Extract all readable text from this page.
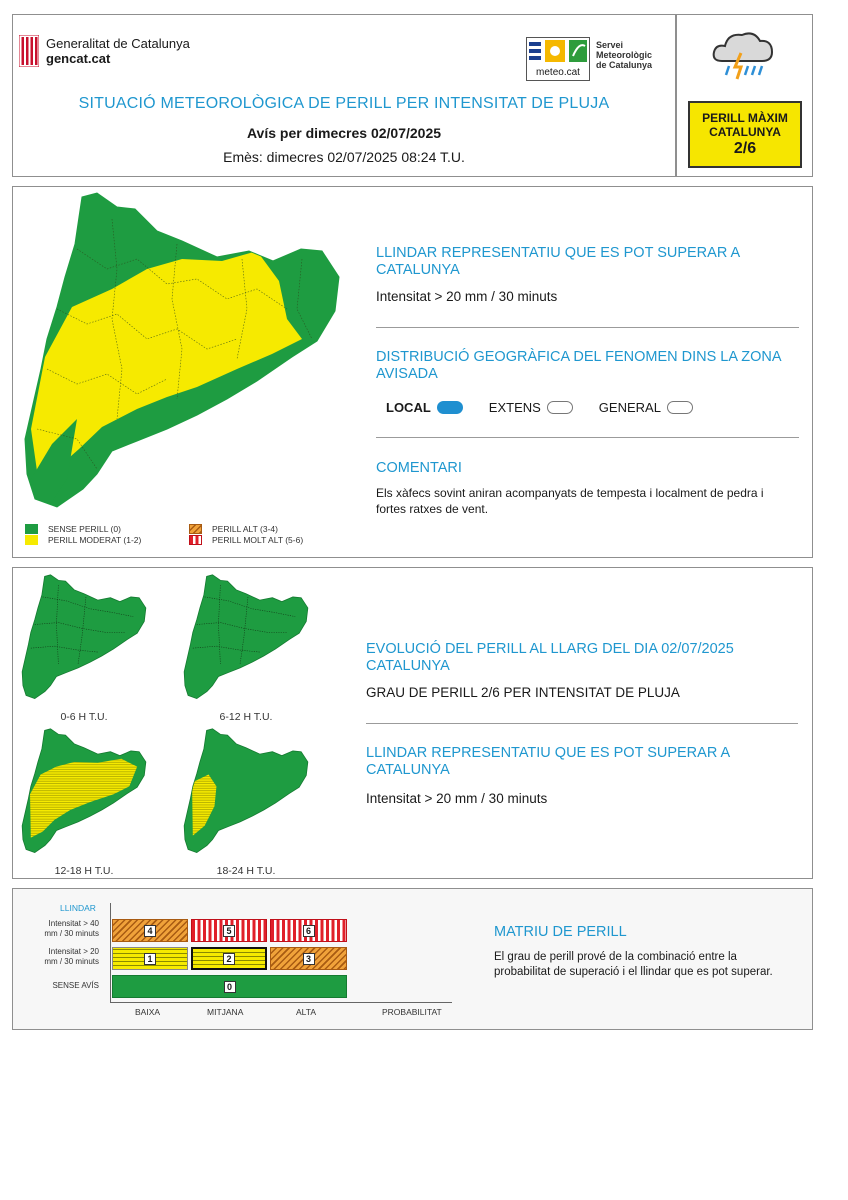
Generalitat de Catalunya
gencat.cat
meteo.cat
Servei
Meteorològic
de Catalunya
SITUACIÓ METEOROLÒGICA DE PERILL PER INTENSITAT DE PLUJA
Avís per dimecres 02/07/2025
Emès: dimecres 02/07/2025 08:24 T.U.
PERILL MÀXIM
CATALUNYA
2/6
SENSE PERILL (0)
PERILL MODERAT (1-2)
PERILL ALT (3-4)
PERILL MOLT ALT (5-6)
LLINDAR REPRESENTATIU QUE ES POT SUPERAR A CATALUNYA
Intensitat > 20 mm / 30 minuts
DISTRIBUCIÓ GEOGRÀFICA DEL FENOMEN DINS LA ZONA AVISADA
LOCAL	EXTENS	GENERAL
COMENTARI
Els xàfecs sovint aniran acompanyats de tempesta i localment de pedra i fortes ratxes de vent.
0-6 H T.U.	6-12 H T.U.
12-18 H T.U.	18-24 H T.U.
EVOLUCIÓ DEL PERILL AL LLARG DEL DIA 02/07/2025 CATALUNYA
GRAU DE PERILL 2/6 PER INTENSITAT DE PLUJA
LLINDAR REPRESENTATIU QUE ES POT SUPERAR A CATALUNYA
Intensitat > 20 mm / 30 minuts
LLINDAR
Intensitat > 40
mm / 30 minuts
Intensitat > 20
mm / 30 minuts
SENSE AVÍS
4	5	6
1	2	3
0
BAIXA	MITJANA	ALTA	PROBABILITAT
MATRIU DE PERILL
El grau de perill prové de la combinació entre la probabilitat de superació i el llindar que es pot superar.
